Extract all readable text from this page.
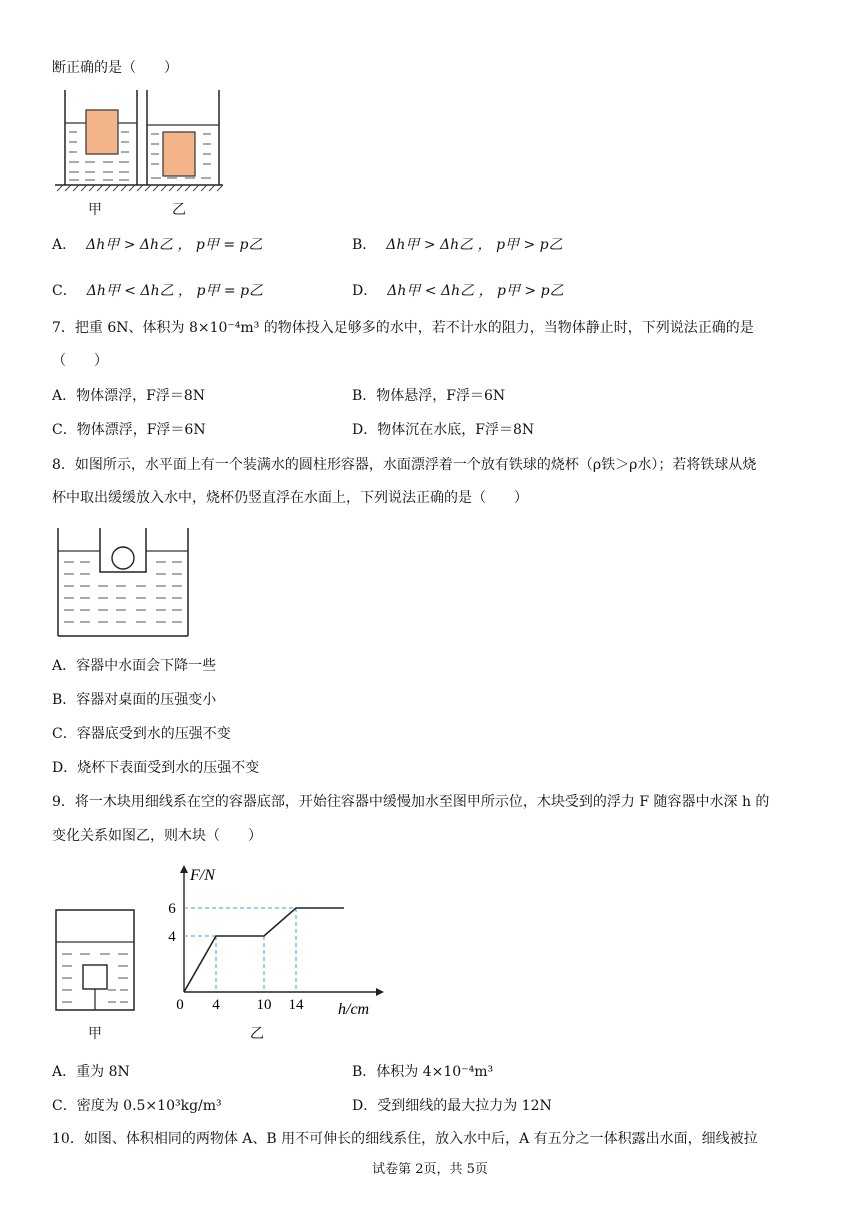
断正确的是（　　）
甲	乙
A． Δh甲 > Δh乙 ， p甲 = p乙	B． Δh甲 > Δh乙 ， p甲 > p乙
C． Δh甲 < Δh乙 ， p甲 = p乙	D． Δh甲 < Δh乙 ， p甲 > p乙
7．把重 6N、体积为 8×10⁻⁴m³ 的物体投入足够多的水中，若不计水的阻力，当物体静止时，下列说法正确的是
（　　）
A．物体漂浮，F浮＝8N	B．物体悬浮，F浮＝6N
C．物体漂浮，F浮＝6N	D．物体沉在水底，F浮＝8N
8．如图所示，水平面上有一个装满水的圆柱形容器，水面漂浮着一个放有铁球的烧杯（ρ铁＞ρ水）；若将铁球从烧
杯中取出缓缓放入水中，烧杯仍竖直浮在水面上，下列说法正确的是（　　）
A．容器中水面会下降一些
B．容器对桌面的压强变小
C．容器底受到水的压强不变
D．烧杯下表面受到水的压强不变
9．将一木块用细线系在空的容器底部，开始往容器中缓慢加水至图甲所示位，木块受到的浮力 F 随容器中水深 h 的
变化关系如图乙，则木块（　　）
甲
0 4 10 14
4
6
F/N
h/cm
乙
A．重为 8N	B．体积为 4×10⁻⁴m³
C．密度为 0.5×10³kg/m³	D．受到细线的最大拉力为 12N
10．如图、体积相同的两物体 A、B 用不可伸长的细线系住，放入水中后，A 有五分之一体积露出水面，细线被拉
试卷第 2页，共 5页
